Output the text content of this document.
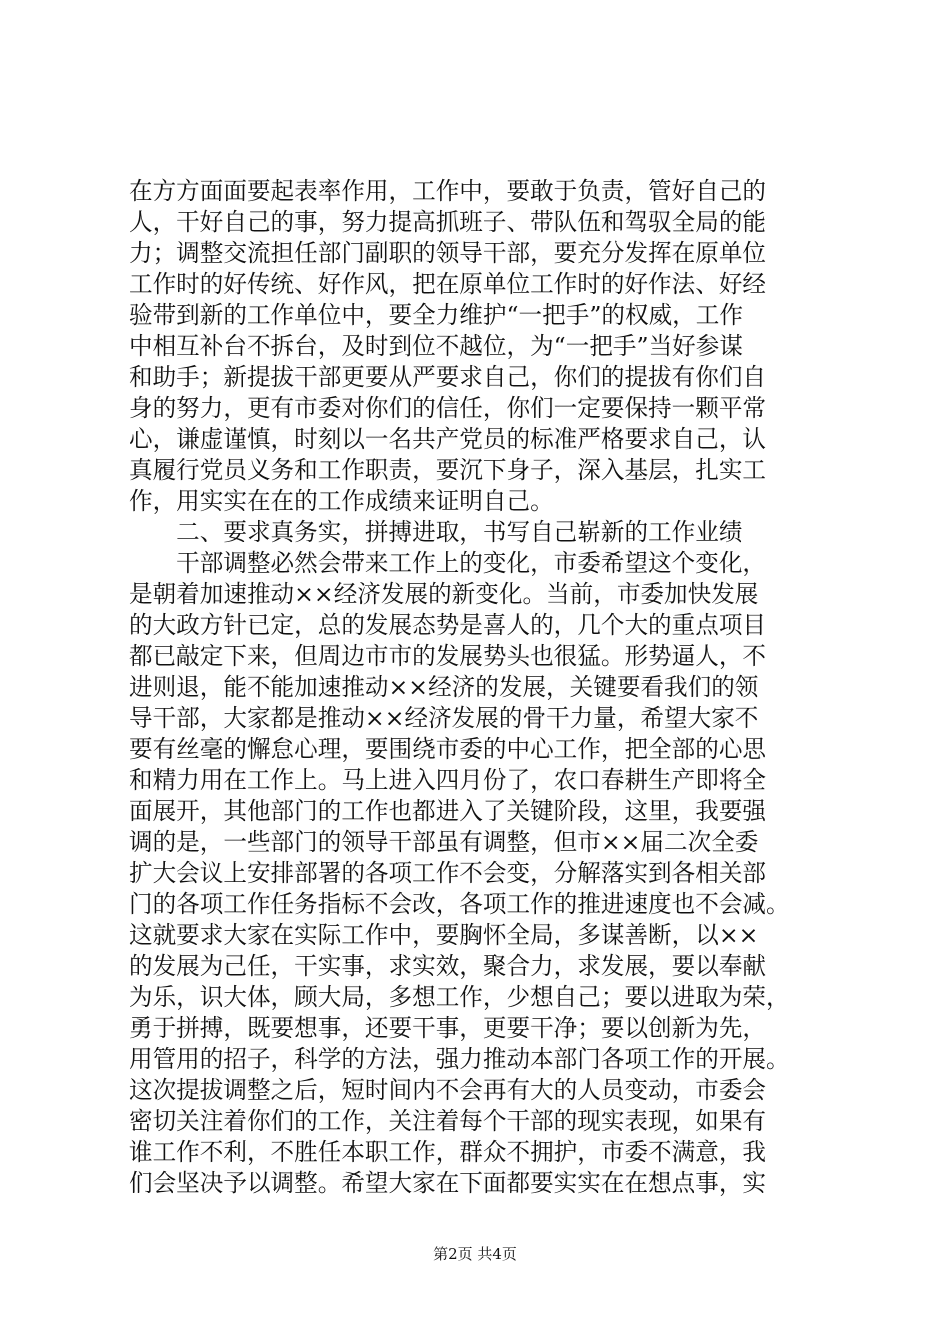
在方方面面要起表率作用，工作中，要敢于负责，管好自己的
人，干好自己的事，努力提高抓班子、带队伍和驾驭全局的能
力；调整交流担任部门副职的领导干部，要充分发挥在原单位
工作时的好传统、好作风，把在原单位工作时的好作法、好经
验带到新的工作单位中，要全力维护“一把手”的权威，工作
中相互补台不拆台，及时到位不越位，为“一把手”当好参谋
和助手；新提拔干部更要从严要求自己，你们的提拔有你们自
身的努力，更有市委对你们的信任，你们一定要保持一颗平常
心，谦虚谨慎，时刻以一名共产党员的标准严格要求自己，认
真履行党员义务和工作职责，要沉下身子，深入基层，扎实工
作，用实实在在的工作成绩来证明自己。
　　二、要求真务实，拼搏进取，书写自己崭新的工作业绩
　　干部调整必然会带来工作上的变化，市委希望这个变化，
是朝着加速推动××经济发展的新变化。当前，市委加快发展
的大政方针已定，总的发展态势是喜人的，几个大的重点项目
都已敲定下来，但周边市市的发展势头也很猛。形势逼人，不
进则退，能不能加速推动××经济的发展，关键要看我们的领
导干部，大家都是推动××经济发展的骨干力量，希望大家不
要有丝毫的懈怠心理，要围绕市委的中心工作，把全部的心思
和精力用在工作上。马上进入四月份了，农口春耕生产即将全
面展开，其他部门的工作也都进入了关键阶段，这里，我要强
调的是，一些部门的领导干部虽有调整，但市××届二次全委
扩大会议上安排部署的各项工作不会变，分解落实到各相关部
门的各项工作任务指标不会改，各项工作的推进速度也不会减。
这就要求大家在实际工作中，要胸怀全局，多谋善断，以××
的发展为己任，干实事，求实效，聚合力，求发展，要以奉献
为乐，识大体，顾大局，多想工作，少想自己；要以进取为荣，
勇于拼搏，既要想事，还要干事，更要干净；要以创新为先，
用管用的招子，科学的方法，强力推动本部门各项工作的开展。
这次提拔调整之后，短时间内不会再有大的人员变动，市委会
密切关注着你们的工作，关注着每个干部的现实表现，如果有
谁工作不利，不胜任本职工作，群众不拥护，市委不满意，我
们会坚决予以调整。希望大家在下面都要实实在在想点事，实
第2页 共4页
